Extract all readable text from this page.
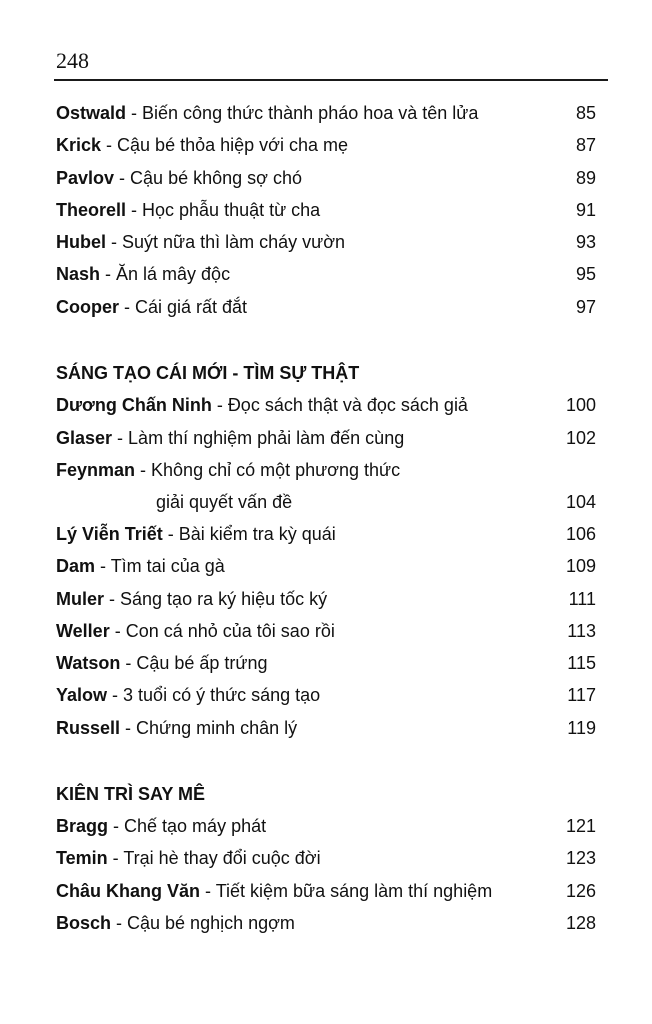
248
Ostwald - Biến công thức thành pháo hoa và tên lửa	85
Krick - Cậu bé thỏa hiệp với cha mẹ	87
Pavlov - Cậu bé không sợ chó	89
Theorell - Học phẫu thuật từ cha	91
Hubel - Suýt nữa thì làm cháy vườn	93
Nash - Ăn lá mây độc	95
Cooper - Cái giá rất đắt	97
SÁNG TẠO CÁI MỚI - TÌM SỰ THẬT
Dương Chấn Ninh - Đọc sách thật và đọc sách giả	100
Glaser - Làm thí nghiệm phải làm đến cùng	102
Feynman - Không chỉ có một phương thức
giải quyết vấn đề	104
Lý Viễn Triết - Bài kiểm tra kỳ quái	106
Dam - Tìm tai của gà	109
Muler - Sáng tạo ra ký hiệu tốc ký	111
Weller - Con cá nhỏ của tôi sao rồi	113
Watson - Cậu bé ấp trứng	115
Yalow - 3 tuổi có ý thức sáng tạo	117
Russell - Chứng minh chân lý	119
KIÊN TRÌ SAY MÊ
Bragg - Chế tạo máy phát	121
Temin - Trại hè thay đổi cuộc đời	123
Châu Khang Văn - Tiết kiệm bữa sáng làm thí nghiệm	126
Bosch - Cậu bé nghịch ngợm	128
